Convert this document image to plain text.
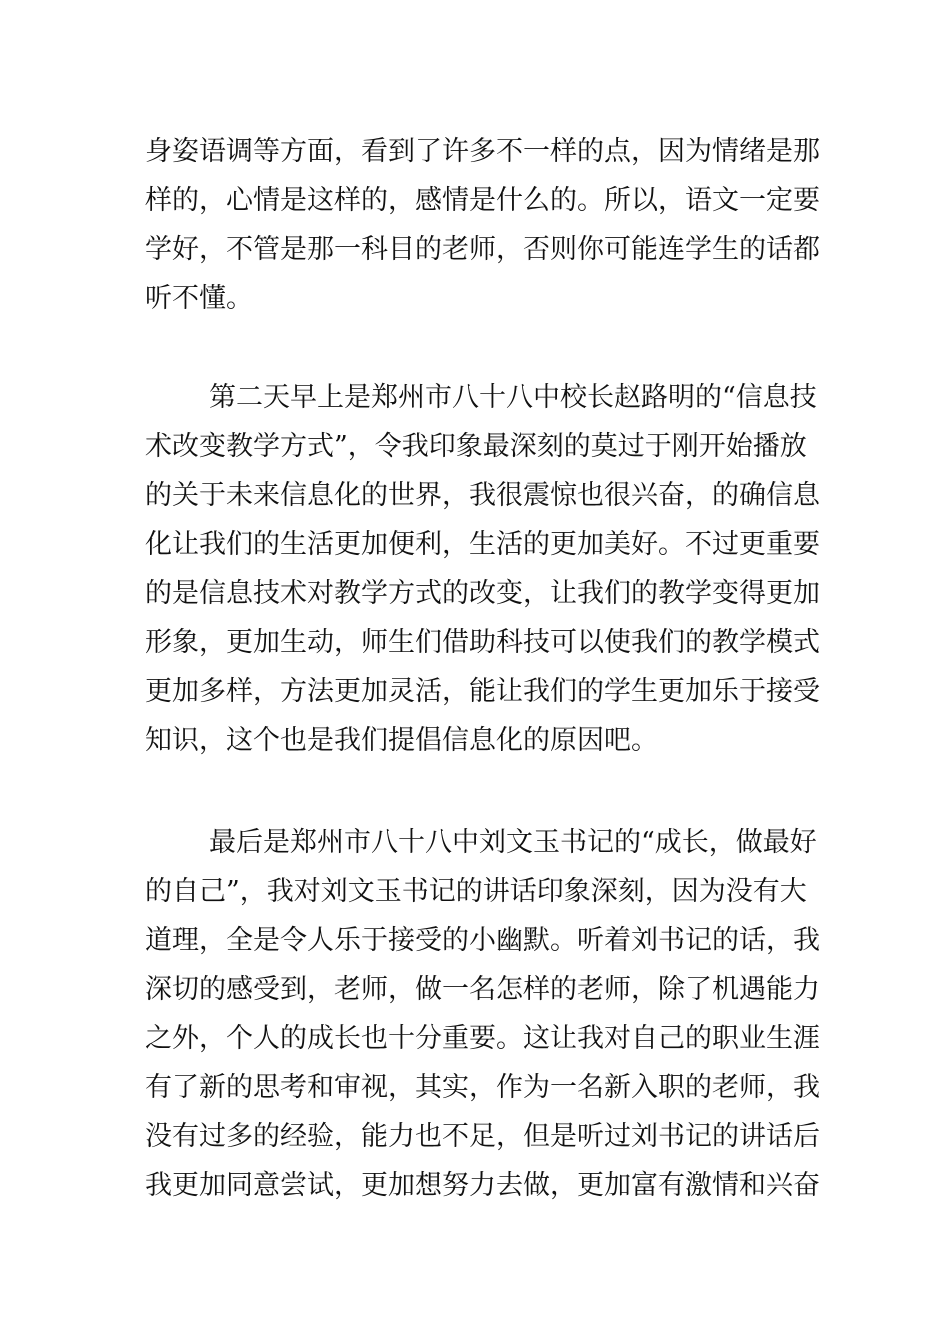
身姿语调等方面，看到了许多不一样的点，因为情绪是那
样的，心情是这样的，感情是什么的。所以，语文一定要
学好，不管是那一科目的老师，否则你可能连学生的话都
听不懂。
第二天早上是郑州市八十八中校长赵路明的“信息技
术改变教学方式”，令我印象最深刻的莫过于刚开始播放
的关于未来信息化的世界，我很震惊也很兴奋，的确信息
化让我们的生活更加便利，生活的更加美好。不过更重要
的是信息技术对教学方式的改变，让我们的教学变得更加
形象，更加生动，师生们借助科技可以使我们的教学模式
更加多样，方法更加灵活，能让我们的学生更加乐于接受
知识，这个也是我们提倡信息化的原因吧。
最后是郑州市八十八中刘文玉书记的“成长，做最好
的自己”，我对刘文玉书记的讲话印象深刻，因为没有大
道理，全是令人乐于接受的小幽默。听着刘书记的话，我
深切的感受到，老师，做一名怎样的老师，除了机遇能力
之外，个人的成长也十分重要。这让我对自己的职业生涯
有了新的思考和审视，其实，作为一名新入职的老师，我
没有过多的经验，能力也不足，但是听过刘书记的讲话后
我更加同意尝试，更加想努力去做，更加富有激情和兴奋
